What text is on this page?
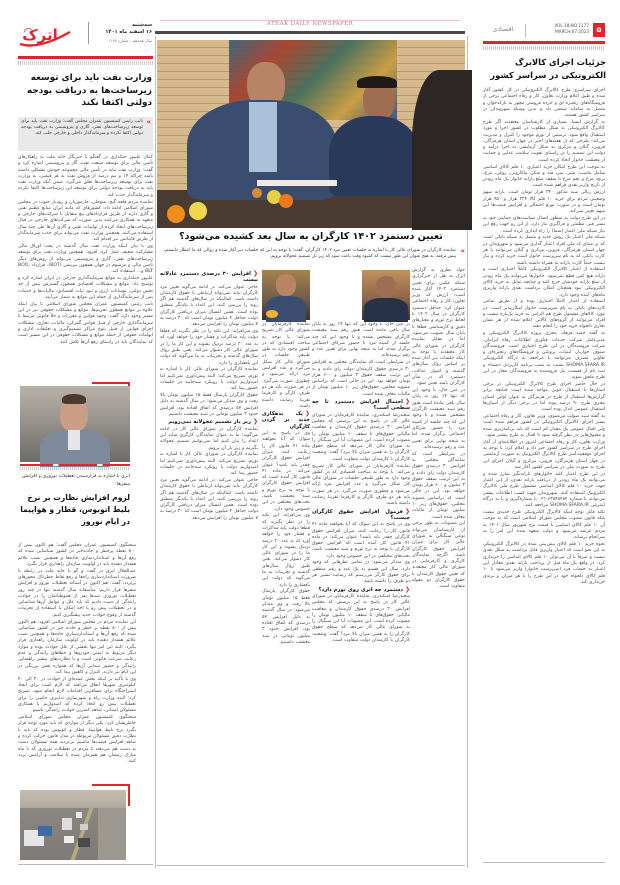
اترک
سه‌شنبه
۱۶ اسفند ماه ۱۴۰۱
سال هجدهم – شماره ۱۱۷۷
ATRAK DAILY NEWSPAPER
۵
VOL.18,NO.1177
MARCH.07.2023
اقتصادی
وزارت نفت باید برای توسعه زیرساخت‌ها به دریافت بودجه دولتی اکتفا نکند
«
نایب رئیس کمیسیون عمران مجلس گفت: وزارت نفت باید برای توسعه زیرساخت‌های نفتی، گازی و پتروشیمی به دریافت بودجه دولتی اکتفا نکرده و سرمایه‌گذار داخلی و خارجی جلب کند.

کمال علیپور خنکداری در گفتگو با خبرنگار خانه ملت به راهکارهای تأمین مالی برای توسعه صنعت نفت، گاز و پتروشیمی اشاره کرد و گفت: وزارت نفت نباید در تأمین مالی مجموعه خودش مشکلی داشته باشد چراکه ۱۴ و نیم درصد از فروش نفت به هر قیمتی، به وزارت نفت برای توسعه زیرساخت‌ها تعلق می‌گیرد، ضمن آنکه وزارت نفت باید به دریافت بودجه دولتی برای توسعه این زیرساخت‌ها اکتفا نکرده و سرمایه‌گذار جذب کند.

نماینده مردم قلعه گنج، منوجان، جازموریان و رودبار جنوب در مجلس شورای اسلامی ادامه داد: کشورهای که مانند ایران منابع عظیم نفتی و گازی دارند از طریق قراردادهای بیع متقابل با شرکت‌های خارجی و متعهد به همکاری می‌کنند بدین صورت که شرکت‌های خارجی در قبال زیرساخت‌های ایجاد کرده از تولیدات نفتی و گازی آن‌ها طی چند سال استفاده می‌کنند، همچنین وزارت نفت می‌تواند برای جذب سرمایه‌گذار از طریق فاینانس نیز اقدام کند.

وی با بیان اینکه وزارت نفت سال گذشته در بحث اوراق مالی مشارکت ضعیف عمل کرد، افزود: همچنین وزارت نفت برای توسعه زیرساخت‌های نفتی، گازی و پتروشیمی می‌تواند از روش‌های دیگر تأمین مالی و مرسوم در جهان همچون بیزینس (BOT)، قرارداد BOO، BLT و... استفاده کند.

علیپور خنکداری به موانع سرمایه‌گذاری خارجی در ایران اشاره کرد و توضیح داد: موانع و مشکلات اقتصادی همچون گسترش بیش از حد بخش دولتی، نوسانات ارزی و نبود ثبات اقتصادی، مالیات‌ها و خدمات پس از سرمایه‌گذاری از جمله این موانع به شمار می‌آیند.

نایب رئیس کمیسیون عمران مجلس شورای اسلامی با بیان اینکه علاوه بر موانع همچون تحریم‌ها، موانع و مشکلات حقوقی نیز در این مسیر وجود دارد، گفت: وجود قوانین و مقررات و خلأ قانونی مرتبط با سرمایه‌گذاری خارجی از قبیل قوانین گمرکی، مالیات، تجاری، مشکلات اجرای قوانین از قبیل تنوع مراکز تصمیم‌گیری و تعلیقات اداری و ابهامات حقوقی از جمله موانع و مشکلات حقوقی در این مسیر است که نمایندگان باید در راستای رفع آن‌ها تلاش کنند.

ابری با اشاره به فرارسیدن تعطیلات نوروزی و افزایش سفرها:
لزوم افزایش نظارت بر نرخ بلیط اتوبوس، قطار و هواپیما در ایام نوروز

سخنگوی کمیسیون عمران مجلس گفت: هم اکنون بیش از ۸۰۰ نقطه پرخطر و حادثه‌خیز در کشور شناسایی شده که رفع آن‌ها و استانداردسازی جاده‌ها و همچنین نصب علائم هشدار دهنده باید در اولویت سازمان راهداری قرار بگیرد.

عبدالجلال ابری در گفت و گو با خانه ملت در رابطه با ضرورت استانداردسازی راه‌ها و رفع نقاط خطرناک محورهای پرتردد، گفت: هم اکنون در آستانه تعطیلات نوروز و افزایش سفرها قرار داریم؛ متأسفانه سال گذشته تنها در چند روز تعطیلات نوروزی صدها نفر از هموطنانمان را در حوادث رانندگی از دست دادیم که باید علل و عوامل آن‌ها شناسایی و در تعطیلات پیش رو با اخذ امکان با استفاده از تجربیات گذشته از وقوع حوادث جدید پیشگیری کنیم.

این نماینده مردم در مجلس شورای اسلامی افزود: هم اکنون بیش از ۸۰۰ نقطه پر خطر و حادثه خیز در کشور شناسایی شده که رفع آن‌ها و استانداردسازی جاده‌ها و همچنین نصب علائم هشدار دهنده باید در اولویت سازمان راهداری قرار بگیرد. البته این امر تنها بخشی از علل حوادث بوده و موارد دیگر مربوط به ایمنی خودروها و خطاهای رانندگی و عدم رعایت سرعت قانونی است و با نظارت‌های بیشتر راهنمایی رانندگی و حضور میدانی آن‌ها که همواره نقش پررنگی در این ایام نیز دارند، کنترل و کاهش پیدا کند.

وی با تأکید بر اینکه بخش عمده‌ای از حوادث در ۳۰ الی ۴۰ کیلومتری شهرها اتفاق می‌افتد که لازم است برای ایجاد استراحتگاه برای مسافرین اقدامات لازم انجام شود، تصریح کرد: البته وزارت راه و شهرسازی تدابیری خاصی را برای تعطیلات پیش رو اتخاذ کرده که امیدواریم با همکاری مسئولان استانی، شاهد کمترین حوادث رانندگی باشیم.

سخنگوی کمیسیون عمران مجلس شورای اسلامی خاطرنشان کرد: یکی دیگر از مواردی که باید مورد توجه قرار بگیرد نرخ بلیط هواپیما، قطار و اتوبوس بوده که باید با نظارت دقیق مسئولان مربوطه در مدار قانون حرکت کرده و شاهد افزایش قیمت‌ها نباشیم بی‌تردید همه مسئولان دست به دست هم می‌دهند تا مردم در تعطیلات نوروزی که با ماه مبارک رمضان هم همزمان شده با سلامت و آرامش تردد کنند.

تعیین دستمزد ۱۴۰۲ کارگران به سال بعد کشیده می‌شود؟
«
نماینده کارگران در شورای عالی کار با اشاره به جلسات تعیین مزد ۱۴۰۲ کارگران، گفت: با توجه به این که جلسات دیر آغاز شده و روالی که ما انتظار داشتیم، پیش نرفته، به هیچ عنوان این طور نیست که کمبود وقت باعث شود که زیر بار تصمیم عجولانه برویم.

حواد نظری به گزارش اترک به نقل از خبرگزاری شبکه عکس برای تعیین دستمزد ۱۴۰۲ آغاز شده است. ارزش که وزیر تعاون، کار و رفاه اجتماعی عنوان کرد: حداقل دستمزد کارگران در سال ۱۴۰۲ با لحاظ نرخ تورم و معیارهای دقیق و کارشناسی قطعا تا پایان سال تصویب می‌شود. اما در مقابل نماینده کارگران در شورای عالی کار معتقدند با توجه به اینکه جلسات دیر آغاز شده بر اساس روال سال‌های گذشته و اصول عدالت، دستمزد که در شأن کارگران باشد تعیین شود.

در عین حال، با وجود این که تنها ۱۴ روز به پایان سال باقی مانده است هنوز رقم سبد معیشت کارگران مشخص نشده و با وجود این که چند جلسه از کمیته مزد با حضور شرکای اجتماعی برگزار شده، اما به نتیجه نهایی برای تعیین عدد و رقم نرسیده‌اند.

در شرایطی است که نمایندگان مجلس به افزایش ۳۰ درصدی حقوق کارمندان دولت رای دادند و به این ترتیب سقف حقوق ۳ میلیون و ۶۰۰ هزار تومان خواهد بود. این در حالی است که براساس مصوبه مجلس، حقوق‌های زیر ۱۰ میلیون تومان از مالیات معاف شده است.

این مصوبات به طور برخی از کارشناسان می‌تواند نوعی سیگنالی به شورای عالی کار برای میزان افزایش حقوق کارگران باشد. اگرچه نمایندگان کارگری و کارفرمایی در شورای عالی کار معتقدند که تعیین حقوق کارمندان با حقوق کارگران دو مقوله متفاوت است.

در عین حال، با وجود این که تنها ۱۴ روز به پایان سال باقی مانده است هنوز رقم سبد معیشت کارگران مشخص نشده و با وجود این که چند جلسه از کمیته مزد با حضور شرکای اجتماعی برگزار شده، اما به نتیجه نهایی برای تعیین عدد و رقم نرسیده‌اند.

در شرایطی است که نمایندگان مجلس به افزایش ۳۰ درصدی حقوق کارمندان دولت رای دادند و به این ترتیب سقف حقوق ۳ میلیون و ۶۰۰ هزار تومان خواهد بود. این در حالی است که براساس مصوبه مجلس، حقوق‌های زیر ۱۰ میلیون تومان از مالیات معاف شده است.

❮احتمال افزایش دستمزد تا چه سطحی است؟

سعیدرضا اسکندری، نماینده کارفرمایان در شورای عالی کار در پاسخ به این پرسش که مجلس افزایش ۳۰ درصدی حقوق کارمندان و معافیت مالیاتی حقوق‌های تا سقف ۱۰ میلیون تومان را مصوب کرده است. این مصوبات آیا این سیگنال را به شورای عالی کار می‌دهد که سطح حقوق کارگران را به همین میزان بالا ببرد؟ گفت: وضعیت کارگران با کارمندان دولت متفاوت است.

نماینده کارفرمایان در شورای عالی کار تصریح می‌کند: با توجه به مباحث اقتصادی که در کشور وجود دارد به طور طبیعی جلسات در شورای عالی کار شکل می‌گیرد و عدد افزایش مزد ارائه می‌شود و چطوری صورت می‌گیرد. در هر صورت باید هر دو طرف کارگر و کارفرما تقریبا رضایت داشته باشند.

❮فرمول افزایش حقوق کارگران چیست؟

وی در پاسخ به این سوال که آیا بخواهند ماده ۴۱ قانون کار را رعایت کنند، میزان افزایش حقوق کارگران چقدر باید باشد؟ عنوان می‌کند: در ماده ۴۱ قانون کار آمده است که افزایش حقوق کارگران با توجه به نرخ تورم و سبد معیشت باشد، بحث‌های مختلفی در این خصوص وجود دارد.

وی متذکر می‌شود: در تمامی نظرهایی که وجود دارد، سال این قسیم به یک عدد و رقم منطقی برای حقوق کارگر می‌رسیم که رضایت نسبی هر دو طرف را داشته باشد.

❮دستمزد چه اثری روی تورم دارد؟

سعیدرضا اسکندری، نماینده کارفرمایان در شورای عالی کار در پاسخ به این پرسش که مجلس افزایش ۳۰ درصدی حقوق کارمندان و معافیت مالیاتی حقوق‌های تا سقف ۱۰ میلیون تومان را مصوب کرده است. این مصوبات آیا این سیگنال را به شورای عالی کار می‌دهد که سطح حقوق کارگران را به همین میزان بالا ببرد؟ گفت: وضعیت کارگران با کارمندان دولت متفاوت است.

نماینده کارفرمایان در شورای عالی کار تصریح می‌کند: با توجه به مباحث اقتصادی که در کشور وجود دارد به طور طبیعی جلسات در شورای عالی کار شکل می‌گیرد و عدد افزایش مزد ارائه می‌شود و چطوری صورت می‌گیرد. در هر صورت باید هر دو طرف کارگر و کارفرما تقریبا رضایت داشته باشند.

❮یک بدهکاری جدید بر گردن کارگران

وی در پاسخ به این سوال که آیا بخواهند ماده ۴۱ قانون کار را رعایت کنند، میزان افزایش حقوق کارگران چقدر باید باشد؟ عنوان می‌کند: در ماده ۴۱ قانون کار آمده است که افزایش حقوق کارگران با توجه به نرخ تورم و سبد معیشت باشد، بحث‌های مختلفی در این خصوص وجود دارد.

وی می‌افزاید: این نکته را در نظر بگیرید که قطعا دولت پایه مذاکرات و فشار خود را خواهد آورد که به عدد ۲۰ درصد نزدیک بشوند و این کار ما را در شورای عالی کار دشوار می‌کند. یعنی طبق روال سال‌های گذشته و تجربیات به ما می‌گوید که دولت این پافشاری را دارد.

حقوق کارگران پارسال فقط ۱۵ میلیون تومان بالا رفت و وی متذکر می‌شود: در سال گذشته به دلیل افزایش ۵۷ درصدی که اتفاق افتاده بود، افزایش حدود ۳ میلیون تومانی در سبد معیشت داشتیم.

❮افزایش ۳۰ درصدی دستمزد عادلانه نیست

حاجی عنوان می‌کند: در ادامه می‌گوید تعیین مزد کارگران نباید نمی‌تواند ارتباطی با حقوق کارمندان داشته باشد. کمااینکه در سال‌های گذشته هم اگر روند را بررسی کنید، این اعداد با یکدیگر منطبق بوده است. همین امسال میزان دریافتی کارگران دولت حداقل ۴ میلیون تومان است که ۳۰ درصد به ۷ میلیون تومان را افزایش می‌دهد.

وی می‌افزاید: این نکته را در نظر بگیرید که قطعا دولت پایه مذاکرات و فشار خود را خواهد آورد که به عدد ۲۰ درصد نزدیک بشوند و این کار ما را در شورای عالی کار دشوار می‌کند. یعنی طبق روال سال‌های گذشته و تجربیات به ما می‌گوید که دولت این پافشاری را دارد.

نماینده کارگران در شورای عالی کار با اشاره به تورم، تصریح می‌کند: البته پیش‌داوری نمی‌کنیم اما امیدواریم دولت با رویکرد سه‌جانبه در جلسات حضور پیدا کند.

حقوق کارگران پارسال فقط ۱۵ میلیون تومان بالا رفت و وی متذکر می‌شود: در سال گذشته به دلیل افزایش ۵۷ درصدی که اتفاق افتاده بود، افزایش حدود ۳ میلیون تومانی در سبد معیشت داشتیم.

❮زیر بار تصمیم عجولانه نمی‌رویم

نماینده کارگران در شورای عالی کار در ادامه می‌گوید: ما به عنوان نمایندگان کارگری شاید این اعداد را بیان کنیم اما نمی‌توانیم تصمیم عجولانه بگیریم و زیر بار آن برویم.

نماینده کارگران در شورای عالی کار با اشاره به تورم، تصریح می‌کند: البته پیش‌داوری نمی‌کنیم اما امیدواریم دولت با رویکرد سه‌جانبه در جلسات حضور پیدا کند.

حاجی عنوان می‌کند: در ادامه می‌گوید تعیین مزد کارگران نباید نمی‌تواند ارتباطی با حقوق کارمندان داشته باشد. کمااینکه در سال‌های گذشته هم اگر روند را بررسی کنید، این اعداد با یکدیگر منطبق بوده است. همین امسال میزان دریافتی کارگران دولت حداقل ۴ میلیون تومان است که ۳۰ درصد به ۷ میلیون تومان را افزایش می‌دهد.

جزئیات اجرای کالابرگ الکترونیکی در سراسر کشور

اجرای سراسری طرح کالابرگ الکترونیکی در کل کشور آغاز شده و طبق اعلام وزارت تعاون، کار و رفاه اجتماعی برخی از فروشگاه‌های زنجیره ای و خرده فروشی مجهز به بارکدخوان و متصل به سامانه شمس داد و بدین وسیله شهروندان در سراسر کشور هستند.

به گزارش ایسنا، بسیاری از کارشناسان معتقدند اگر طرح کالابرگ الکترونیکی به شکل مطلوب در کشور اجرا و مورد استقبال واقع شود، ترمیمی از تورم موجود را کنترل و مدیریت می‌کند؛ طرحی که از هفته‌های اخیر در چهار استان هرمزگان، قزوین، گیلان و مرکزی به شکل آزمایشی به اجرا درآمد و دولت این تصمیم را در راستای تقویت سلامت غذایی و حمایت از معیشت خانوار اتخاذ کرده است.

به موجب این طرح امکان خرید اعتباری ۱۰ قلم کالای اساسی شامل ماست، شیر، پنیر، قند و شکر، ماکارونی، روغن، مرغ، برنج، مرغ و تخم مرغ با سقف مبلغ یارانه خانوار یک ماه زودتر از تاریخ واریز نقدی فراهم شده است.

ارزش ریالی سبد مذکور ۳۴۰ هزار تومان است. یارانه سهم وضعیتی مردم برای خرید ۱۰ قلم کالا ۲۲۴ هزار و ۹۵۰ هزار تومان است و در صورت تورم احتمالی و افزایش قیمت‌ها این سهم تغییر نمی‌کند.

در این طرح دولت به منظور اتصال سیاست‌های حمایتی خود به بستر فنی مطمئن و فراگیری نیاز دارد، از این رو جهت رفع این نیاز شبکه ملی اعتبار (شما) را راه اندازی کرده است.

شبکه ملی اعتبار یک روش جدید و متصل به شبکه بانکی است که بر مبنای کد ملی افراد اعتبار گذاری می‌شود و شهروندان در چهار استان هرمزگان، قزوین، مرکزی و گیلان می‌توانند با هر کارت بانکی که به نام سرپرست خانوار است خرید کرده و نیاز نیست حتماً کارت یارانه به همراه داشته باشند.

استفاده از اعتبار کالابرگ الکترونیکی کاملاً اختیاری است و یارانه هیچ کس قطع نمی‌شود. خانوارها می‌توانند یک ماه زودتر از مبلغ یارانه خودشان خرج کنند و چنانچه تمایل به خرید کالای الکترونیکی نبود همچنان امکان برداشت نقدی یارانه واریزی ماه‌های آینده وجود دارد.

استفاده از اعتبار کاملاً اختیاری بوده و از طریق تمامی کارت‌های بانکی به نام سرپرست خانوار امکان‌پذیر است. در مورد کالاهای مشمول طرح هم الزامی به خرید یک‌باره نیست و افراد می‌توانند از گروه‌های کالایی اعلام شده از هر نشان تجاری دلخواه خرید خود را انجام دهند.

به گفته حمید فرهاد، مجری پروژه کالابرگ الکترونیکی و مدیرعامل شرکت خدمات فناوری اطلاعات رفاه ایرانیان، شرکت فروشندگان در این طرح اختیاری است. فروشندگان صنوف خواربار، لبنیات، پروتئین و فروشگاه‌های زنجیره‌ای و تعاونی مصرف می‌توانند با مراجعه به درگاه الکترونیکی SHOMA.SFARA.IR نسبت به نصب برنامه کاربردی «شما» و ثبت نام از قسمت پنل فروشنده به فروشندگان مجاز در این طرح ملحق شوند.

در حال حاضر اجرای طرح کالابرگ الکترونیکی در برخی استان‌ها با استقبال خوبی مواجه شده است چنانچه برابر گزارش‌ها استقبال از طرح در هرمزگان به عنوان اولین استان مجری طرح ۹۰ درصد بوده اما در برخی دیگر از استان‌ها استقبال عمومی اندک بوده است.

به گفته سید صولت مرتضوی، وزیر تعاون، کار و رفاه اجتماعی بستر اجرای کالابرگ الکترونیکی در کشور فراهم شده است ولی اقبال عمومی یک مقدار کم است که باید برنامه‌ریزی شده و مشوق‌هایی در نظر گرفته شود تا اقبال به طرح بیشتر شود.

وزارت تعاون، کار و رفاه اجتماعی امروز در اطلاعیه‌ای از آغاز اجرای طرح در سراسر کشور خبر داد و اعلام کرد: با توجه به اجرای موفقیت‌آمیز طرح کالابرگ الکترونیک به صورت آزمایشی در چهار استان هرمزگان، قزوین، مرکزی و گیلان اجرای این طرح به صورت ملی در سراسر کشور آغاز شد.

در این طرح اعتبار کلیه خانوارهای یارانه‌بگیر شارژ شده و می‌توانند یک ماه زودتر از دریافت یارانه نقدی، از این اعتبار جهت خرید ۱۰ قلم کالای اساسی مشمول طرح ملی کالابرگ الکترونیک استفاده کنند. شهروندان جهت کسب اطلاعات بیشتر می‌توانند با شماره ۶۳۸۴۸۴۸۴-۰۲۱ یا شماره‌گیری و یا به درگاه اینترنتی SHOMA.SFARA.IR مراجعه کنند.

نکته قابل توجه اینکه کالابرگ الکترونیکی طرح جدیدی نیست بلکه قانون مصوب مجلس شورای اسلامی است که به موجب آن ۱۰ قلم کالای اساسی با قیمت نرخ شهریور سال ۱۴۰۱ به مردم عرضه می‌شود و دولت متعهد شده این امر را به سرانجام برساند.

نحوه خرید ۱۰ قلم کالای پیش‌بینی شده در کالابرگ الکترونیکی به این نحو است که اعتبار واریزی قابل برداشت به شکل نقدی نیست و صرفاً با آن می‌توان ۱۰ قلم کالای اساسی را خریداری کرد. در واقع یک ماه قبل از پرداخت یارانه نقدی معادل این اعتبار به حساب فرد (سرپرست خانوار) واریز می‌شود تا ۱۰ قلم کالای دلخواه خود در این طرح را با هر میزان و برندی خریداری کند.
